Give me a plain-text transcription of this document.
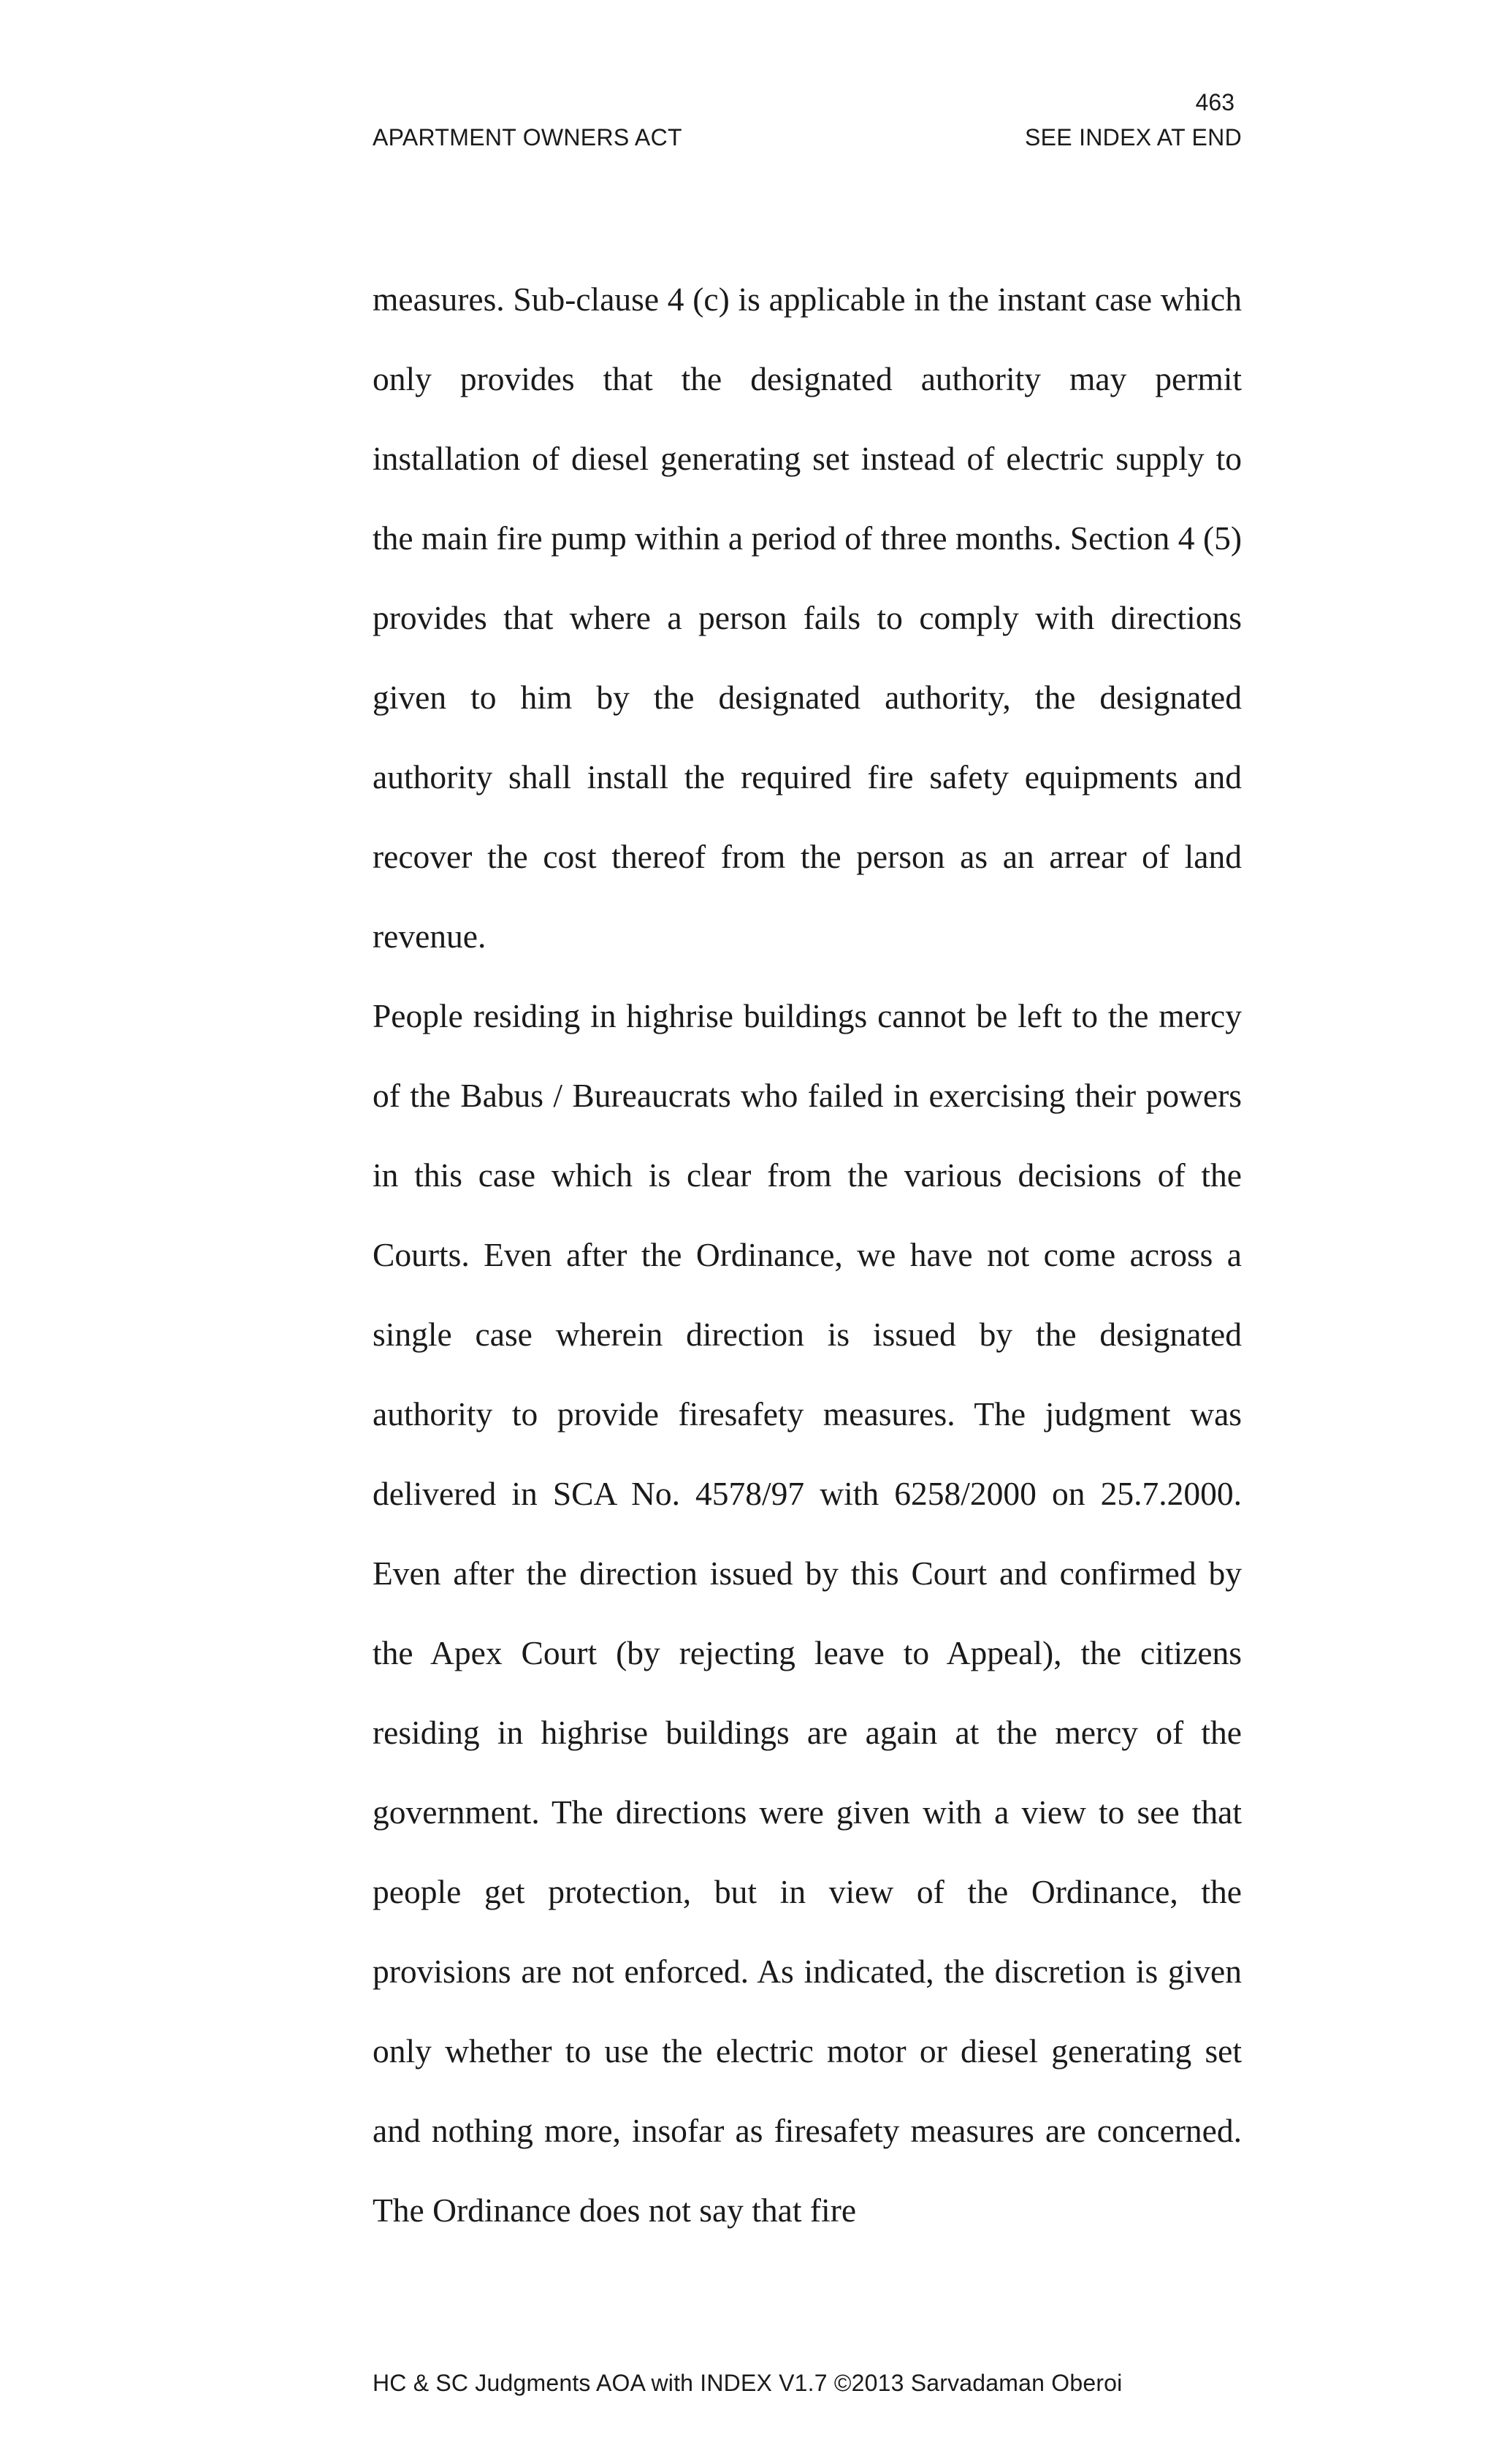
463
APARTMENT OWNERS ACT	SEE INDEX AT END

measures. Sub-clause 4 (c) is applicable in the instant case which only provides that the designated authority may permit installation of diesel generating set instead of electric supply to the main fire pump within a period of three months. Section 4 (5) provides that where a person fails to comply with directions given to him by the designated authority, the designated authority shall install the required fire safety equipments and recover the cost thereof from the person as an arrear of land revenue.

People residing in highrise buildings cannot be left to the mercy of the Babus / Bureaucrats who failed in exercising their powers in this case which is clear from the various decisions of the Courts. Even after the Ordinance, we have not come across a single case wherein direction is issued by the designated authority to provide firesafety measures. The judgment was delivered in SCA No. 4578/97 with 6258/2000 on 25.7.2000. Even after the direction issued by this Court and confirmed by the Apex Court (by rejecting leave to Appeal), the citizens residing in highrise buildings are again at the mercy of the government. The directions were given with a view to see that people get protection, but in view of the Ordinance, the provisions are not enforced. As indicated, the discretion is given only whether to use the electric motor or diesel generating set and nothing more, insofar as firesafety measures are concerned. The Ordinance does not say that fire

HC & SC Judgments AOA with INDEX V1.7 ©2013 Sarvadaman Oberoi
